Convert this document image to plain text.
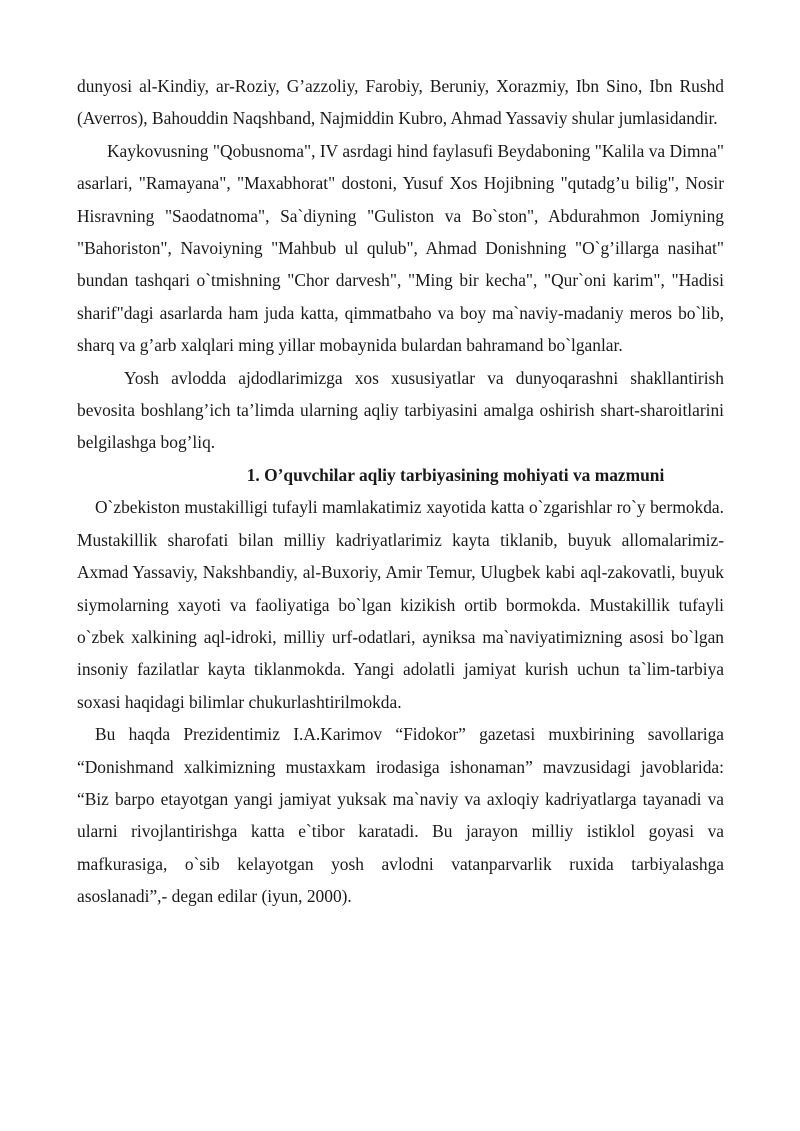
dunyosi al-Kindiy, ar-Roziy, G’azzoliy, Farobiy, Beruniy, Xorazmiy, Ibn Sino, Ibn Rushd (Averros), Bahouddin Naqshband, Najmiddin Kubro, Ahmad Yassaviy shular jumlasidandir.

Kaykovusning "Qobusnoma", IV asrdagi hind faylasufi Beydaboning "Kalila va Dimna" asarlari, "Ramayana", "Maxabhorat" dostoni, Yusuf Xos Hojibning "qutadg’u bilig", Nosir Hisravning "Saodatnoma", Sa`diyning "Guliston va Bo`ston", Abdurahmon Jomiyning "Bahoriston", Navoiyning "Mahbub ul qulub", Ahmad Donishning "O`g’illarga nasihat" bundan tashqari o`tmishning "Chor darvesh", "Ming bir kecha", "Qur`oni karim", "Hadisi sharif"dagi asarlarda ham juda katta, qimmatbaho va boy ma`naviy-madaniy meros bo`lib, sharq va g’arb xalqlari ming yillar mobaynida bulardan bahramand bo`lganlar.

Yosh avlodda ajdodlarimizga xos xususiyatlar va dunyoqarashni shakllantirish bevosita boshlang’ich ta’limda ularning aqliy tarbiyasini amalga oshirish shart-sharoitlarini belgilashga bog’liq.

1. O’quvchilar aqliy tarbiyasining mohiyati va mazmuni

O`zbekiston mustakilligi tufayli mamlakatimiz xayotida katta o`zgarishlar ro`y bermokda. Mustakillik sharofati bilan milliy kadriyatlarimiz kayta tiklanib, buyuk allomalarimiz-Axmad Yassaviy, Nakshbandiy, al-Buxoriy, Amir Temur, Ulugbek kabi aql-zakovatli, buyuk siymolarning xayoti va faoliyatiga bo`lgan kizikish ortib bormokda. Mustakillik tufayli o`zbek xalkining aql-idroki, milliy urf-odatlari, ayniksa ma`naviyatimizning asosi bo`lgan insoniy fazilatlar kayta tiklanmokda. Yangi adolatli jamiyat kurish uchun ta`lim-tarbiya soxasi haqidagi bilimlar chukurlashtirilmokda.

Bu haqda Prezidentimiz I.A.Karimov “Fidokor” gazetasi muxbirining savollariga “Donishmand xalkimizning mustaxkam irodasiga ishonaman” mavzusidagi javoblarida: “Biz barpo etayotgan yangi jamiyat yuksak ma`naviy va axloqiy kadriyatlarga tayanadi va ularni rivojlantirishga katta e`tibor karatadi. Bu jarayon milliy istiklol goyasi va mafkurasiga, o`sib kelayotgan yosh avlodni vatanparvarlik ruxida tarbiyalashga asoslanadi”,- degan edilar (iyun, 2000).
